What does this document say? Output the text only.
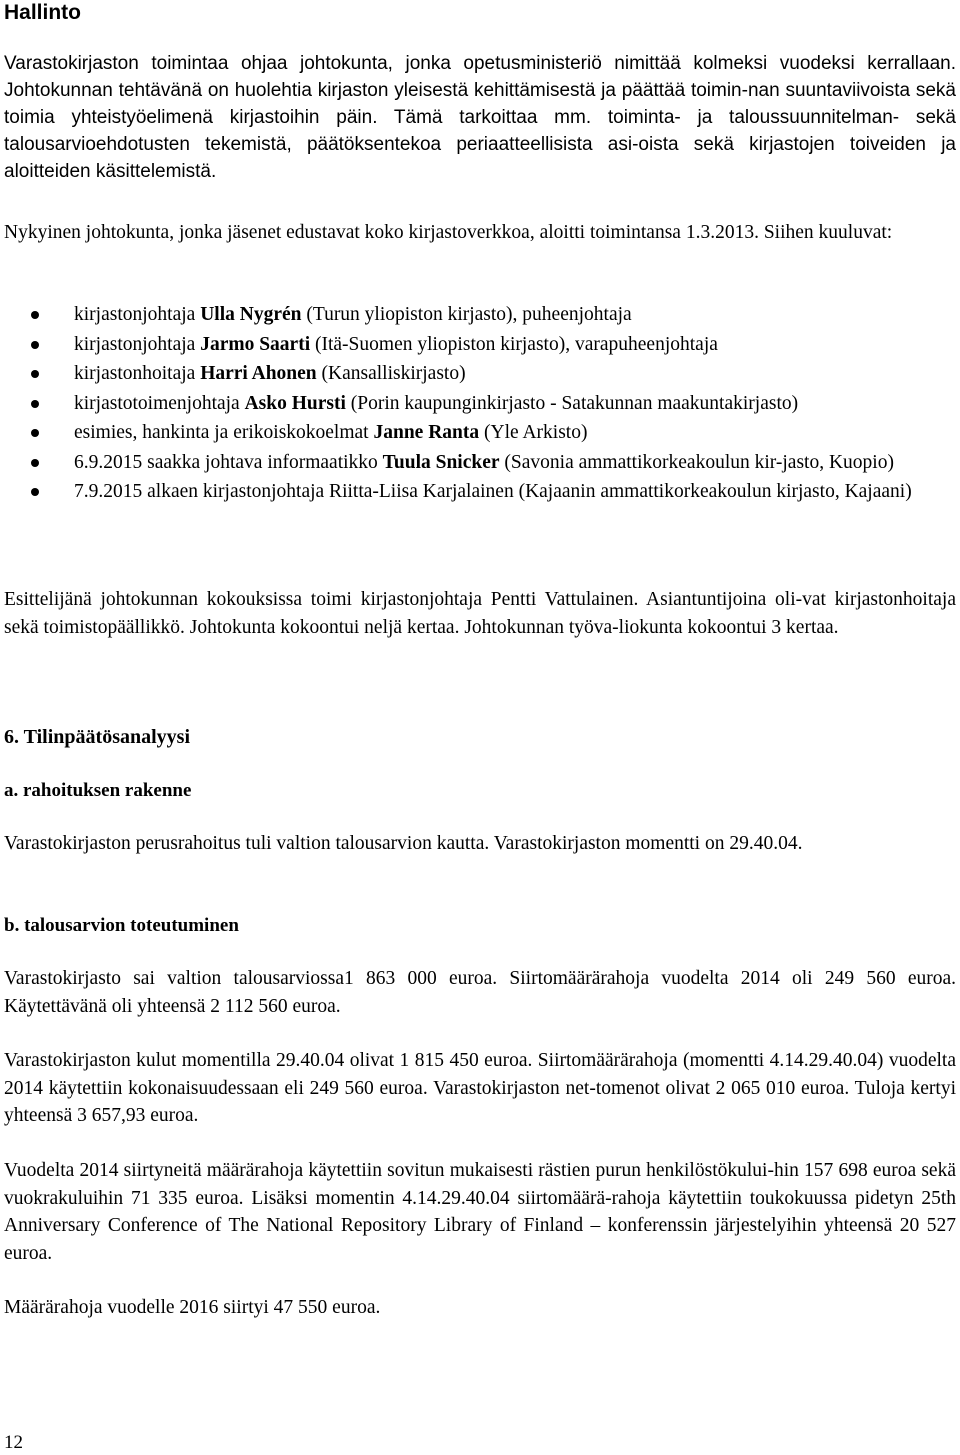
Hallinto
Varastokirjaston toimintaa ohjaa johtokunta, jonka opetusministeriö nimittää kolmeksi vuodeksi kerrallaan. Johtokunnan tehtävänä on huolehtia kirjaston yleisestä kehittämisestä ja päättää toimin-nan suuntaviivoista sekä toimia yhteistyöelimenä kirjastoihin päin. Tämä tarkoittaa mm. toiminta- ja taloussuunnitelman- sekä talousarvioehdotusten tekemistä, päätöksentekoa periaatteellisista asi-oista sekä kirjastojen toiveiden ja aloitteiden käsittelemistä.
Nykyinen johtokunta, jonka jäsenet edustavat koko kirjastoverkkoa, aloitti toimintansa 1.3.2013. Siihen kuuluvat:
kirjastonjohtaja Ulla Nygrén (Turun yliopiston kirjasto), puheenjohtaja
kirjastonjohtaja Jarmo Saarti (Itä-Suomen yliopiston kirjasto), varapuheenjohtaja
kirjastonhoitaja Harri Ahonen (Kansalliskirjasto)
kirjastotoimenjohtaja Asko Hursti (Porin kaupunginkirjasto - Satakunnan maakuntakirjasto)
esimies, hankinta ja erikoiskokoelmat Janne Ranta (Yle Arkisto)
6.9.2015 saakka johtava informaatikko Tuula Snicker (Savonia ammattikorkeakoulun kir-jasto, Kuopio)
7.9.2015 alkaen kirjastonjohtaja Riitta-Liisa Karjalainen (Kajaanin ammattikorkeakoulun kirjasto, Kajaani)
Esittelijänä johtokunnan kokouksissa toimi kirjastonjohtaja Pentti Vattulainen. Asiantuntijoina oli-vat kirjastonhoitaja sekä toimistopäällikkö. Johtokunta kokoontui neljä kertaa. Johtokunnan työva-liokunta kokoontui 3 kertaa.
6. Tilinpäätösanalyysi
a. rahoituksen rakenne
Varastokirjaston perusrahoitus tuli valtion talousarvion kautta. Varastokirjaston momentti on 29.40.04.
b. talousarvion toteutuminen
Varastokirjasto sai valtion talousarviossa1 863 000 euroa. Siirtomäärärahoja vuodelta 2014 oli 249 560 euroa. Käytettävänä oli yhteensä 2 112 560 euroa.
Varastokirjaston kulut momentilla 29.40.04 olivat 1 815 450 euroa. Siirtomäärärahoja (momentti 4.14.29.40.04) vuodelta 2014 käytettiin kokonaisuudessaan eli 249 560 euroa. Varastokirjaston net-tomenot olivat 2 065 010 euroa. Tuloja kertyi yhteensä 3 657,93 euroa.
Vuodelta 2014 siirtyneitä määrärahoja käytettiin sovitun mukaisesti rästien purun henkilöstökului-hin 157 698 euroa sekä vuokrakuluihin 71 335 euroa. Lisäksi momentin 4.14.29.40.04 siirtomäärä-rahoja käytettiin toukokuussa pidetyn 25th Anniversary Conference of The National Repository Library of Finland – konferenssin järjestelyihin yhteensä 20 527 euroa.
Määrärahoja vuodelle 2016 siirtyi 47 550 euroa.
12
